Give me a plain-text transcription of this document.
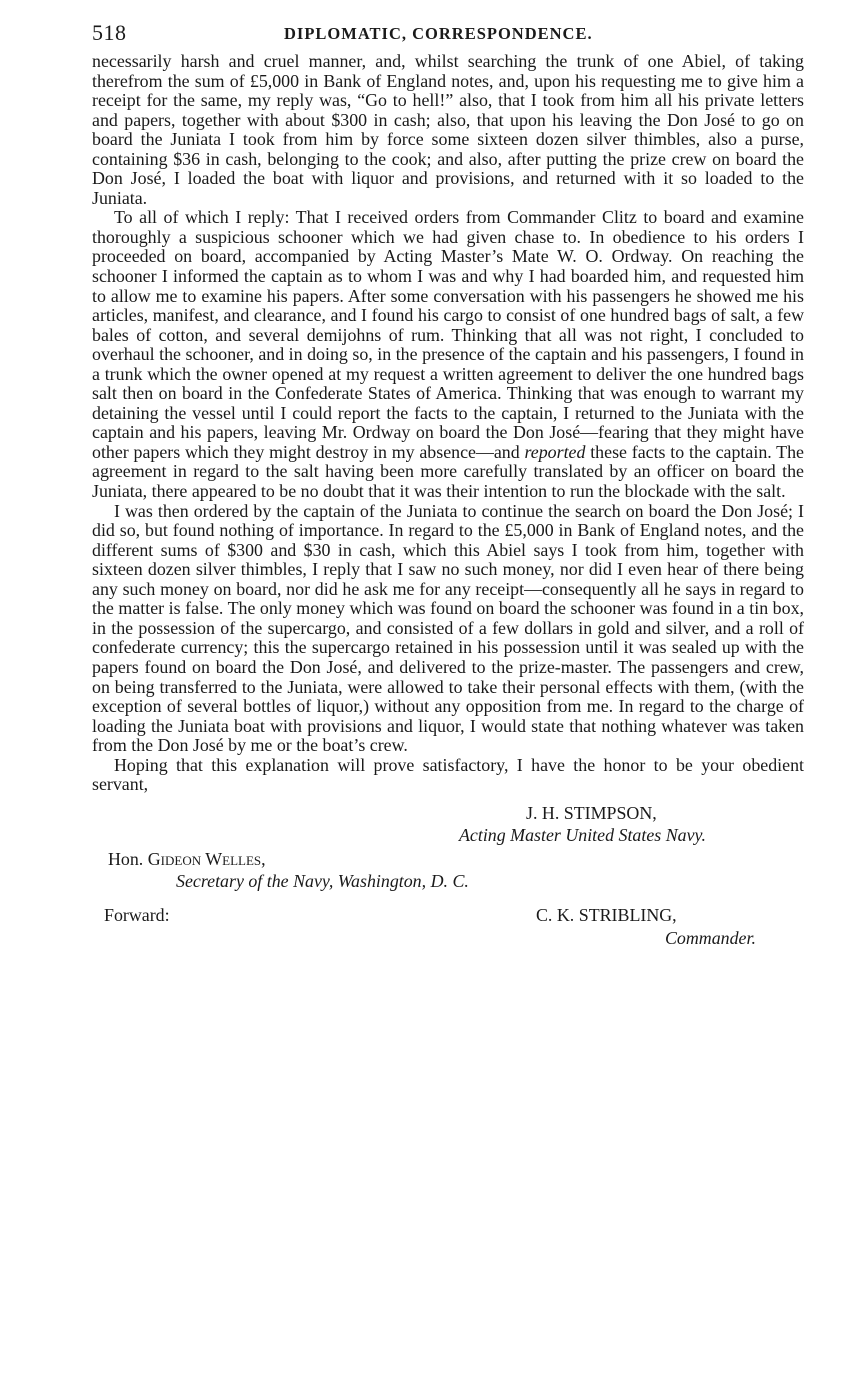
518	DIPLOMATIC, CORRESPONDENCE.

necessarily harsh and cruel manner, and, whilst searching the trunk of one Abiel, of taking therefrom the sum of £5,000 in Bank of England notes, and, upon his requesting me to give him a receipt for the same, my reply was, “Go to hell!” also, that I took from him all his private letters and papers, together with about $300 in cash; also, that upon his leaving the Don José to go on board the Juniata I took from him by force some sixteen dozen silver thimbles, also a purse, containing $36 in cash, belonging to the cook; and also, after putting the prize crew on board the Don José, I loaded the boat with liquor and provisions, and returned with it so loaded to the Juniata.

To all of which I reply: That I received orders from Commander Clitz to board and examine thoroughly a suspicious schooner which we had given chase to. In obedience to his orders I proceeded on board, accompanied by Acting Master’s Mate W. O. Ordway. On reaching the schooner I informed the captain as to whom I was and why I had boarded him, and requested him to allow me to examine his papers. After some conversation with his passengers he showed me his articles, manifest, and clearance, and I found his cargo to consist of one hundred bags of salt, a few bales of cotton, and several demijohns of rum. Thinking that all was not right, I concluded to overhaul the schooner, and in doing so, in the presence of the captain and his passengers, I found in a trunk which the owner opened at my request a written agreement to deliver the one hundred bags salt then on board in the Confederate States of America. Thinking that was enough to warrant my detaining the vessel until I could report the facts to the captain, I returned to the Juniata with the captain and his papers, leaving Mr. Ordway on board the Don José—fearing that they might have other papers which they might destroy in my absence—and reported these facts to the captain. The agreement in regard to the salt having been more carefully translated by an officer on board the Juniata, there appeared to be no doubt that it was their intention to run the blockade with the salt.

I was then ordered by the captain of the Juniata to continue the search on board the Don José; I did so, but found nothing of importance. In regard to the £5,000 in Bank of England notes, and the different sums of $300 and $30 in cash, which this Abiel says I took from him, together with sixteen dozen silver thimbles, I reply that I saw no such money, nor did I even hear of there being any such money on board, nor did he ask me for any receipt—consequently all he says in regard to the matter is false. The only money which was found on board the schooner was found in a tin box, in the possession of the supercargo, and consisted of a few dollars in gold and silver, and a roll of confederate currency; this the supercargo retained in his possession until it was sealed up with the papers found on board the Don José, and delivered to the prize-master. The passengers and crew, on being transferred to the Juniata, were allowed to take their personal effects with them, (with the exception of several bottles of liquor,) without any opposition from me. In regard to the charge of loading the Juniata boat with provisions and liquor, I would state that nothing whatever was taken from the Don José by me or the boat’s crew.

Hoping that this explanation will prove satisfactory, I have the honor to be your obedient servant,

J. H. STIMPSON,
Acting Master United States Navy.
Hon. Gideon Welles,
Secretary of the Navy, Washington, D. C.
Forward:	C. K. STRIBLING,
Commander.
